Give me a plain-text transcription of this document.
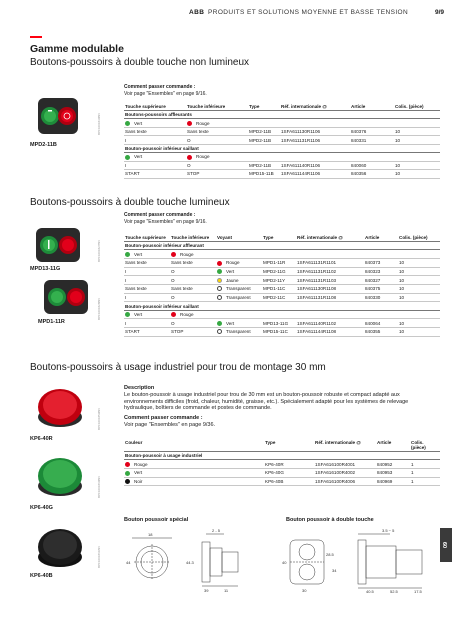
ABB PRODUITS ET SOLUTIONS MOYENNE ET BASSE TENSION	9/9
Gamme modulable
Boutons-poussoirs à double touche non lumineux
Comment passer commande :
Voir page "Ensembles" en page 9/16.
BPF1001830BN
MPD2-11B
Touche supérieure	Touche inférieure	Type	Réf. internationale @	Article	Colis. (pièce)
Boutons-poussoirs affleurants					
Vert	Rouge				
Sans texte	Sans texte	MPD2-11B	1SFA611130R1106	840376	10
I	O	MPD2-11B	1SFA611131R1106	840331	10
Bouton-poussoir inférieur saillant					
Vert	Rouge				
I	O	MPD2-11B	1SFA611140R1106	840060	10
START	STOP	MPD15-11B	1SFA611144R1106	840356	10
Boutons-poussoirs à double touche lumineux
Comment passer commande :
Voir page "Ensembles" en page 9/16.
BPF1001827BN
MPD13-11G
BPF1001828BN
MPD1-11R
Touche supérieure	Touche inférieure	Voyant	Type	Réf. internationale @	Article	Colis. (pièce)
Bouton-poussoir inférieur affleurant						
Vert	Rouge					
Sans texte	Sans texte	Rouge	MPD1-11R	1SFA611131R1101	840373	10
I	O	Vert	MPD2-11G	1SFA611131R1102	840323	10
I	O	Jaune	MPD2-11Y	1SFA611131R1103	840327	10
Sans texte	Sans texte	Transparent	MPD1-11C	1SFA611130R1108	840375	10
I	O	Transparent	MPD2-11C	1SFA611131R1108	840330	10
Bouton-poussoir inférieur saillant						
Vert	Rouge					
I	O	Vert	MPD13-11G	1SFA611140R1102	840064	10
START	STOP	Transparent	MPD15-11C	1SFA611144R1108	840355	10
Boutons-poussoirs à usage industriel pour trou de montage 30 mm
Description
Le bouton-poussoir à usage industriel pour trou de 30 mm est un bouton-poussoir robuste et compact adapté aux environnements difficiles (froid, chaleur, humidité, graisse, etc.). Spécialement adapté pour les systèmes de relevage hydraulique, boîtiers de commande et postes de commande.
Comment passer commande :
Voir page "Ensembles" en page 9/36.
BPF1001859BN
KP6-40R
BPF1001860BN
KP6-40G
BPF1001861BN
KP6-40B
Couleur	Type	Réf. internationale @	Article	Colis. (pièce)
Bouton-poussoir à usage industriel				
Rouge	KP6-40R	1SFA616100R4001	840952	1
Vert	KP6-40G	1SFA616100R4002	840953	1
Noir	KP6-40B	1SFA616100R4006	840969	1
Bouton poussoir spécial	Bouton poussoir à double touche
2 - 5
18
44	44.3
39	11
3.5 ~ 5
28.5
40
34
30	40.5	52.5	17.5
09
